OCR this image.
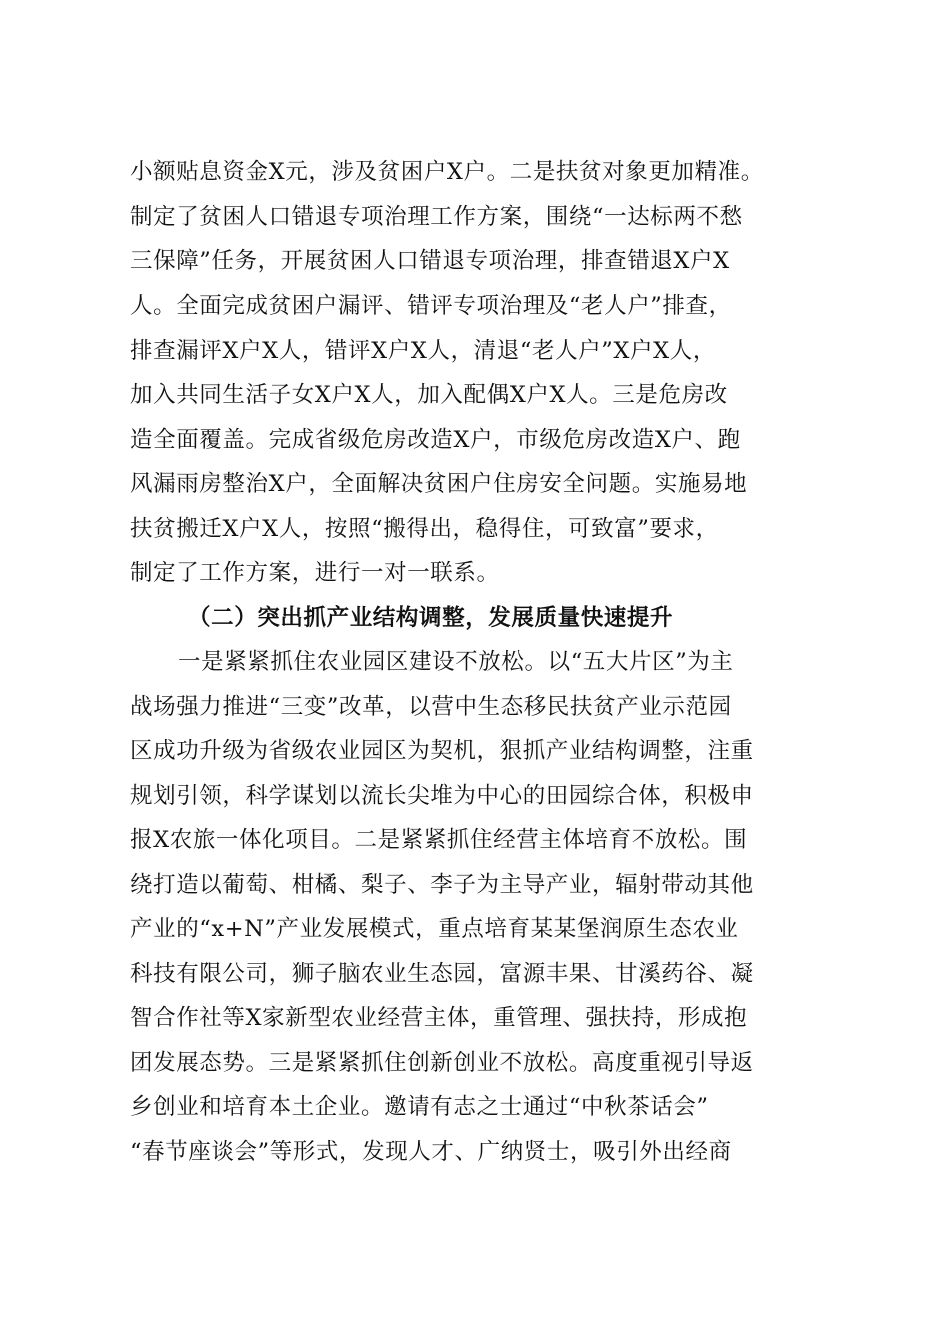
小额贴息资金X元，涉及贫困户X户。二是扶贫对象更加精准。
制定了贫困人口错退专项治理工作方案，围绕“一达标两不愁
三保障”任务，开展贫困人口错退专项治理，排查错退X户X
人。全面完成贫困户漏评、错评专项治理及“老人户”排查，
排查漏评X户X人，错评X户X人，清退“老人户”X户X人，
加入共同生活子女X户X人，加入配偶X户X人。三是危房改
造全面覆盖。完成省级危房改造X户，市级危房改造X户、跑
风漏雨房整治X户，全面解决贫困户住房安全问题。实施易地
扶贫搬迁X户X人，按照“搬得出，稳得住，可致富”要求，
制定了工作方案，进行一对一联系。
（二）突出抓产业结构调整，发展质量快速提升
一是紧紧抓住农业园区建设不放松。以“五大片区”为主
战场强力推进“三变”改革，以营中生态移民扶贫产业示范园
区成功升级为省级农业园区为契机，狠抓产业结构调整，注重
规划引领，科学谋划以流长尖堆为中心的田园综合体，积极申
报X农旅一体化项目。二是紧紧抓住经营主体培育不放松。围
绕打造以葡萄、柑橘、梨子、李子为主导产业，辐射带动其他
产业的“x+N”产业发展模式，重点培育某某堡润原生态农业
科技有限公司，狮子脑农业生态园，富源丰果、甘溪药谷、凝
智合作社等X家新型农业经营主体，重管理、强扶持，形成抱
团发展态势。三是紧紧抓住创新创业不放松。高度重视引导返
乡创业和培育本土企业。邀请有志之士通过“中秋茶话会”
“春节座谈会”等形式，发现人才、广纳贤士，吸引外出经商
